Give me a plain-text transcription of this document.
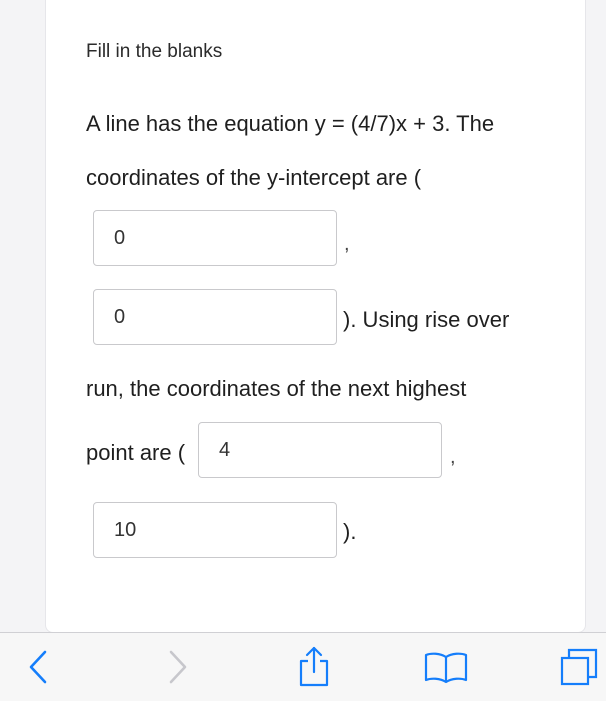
Fill in the blanks
A line has the equation y = (4/7)x + 3. The
coordinates of the y-intercept are (
0
,
0
). Using rise over
run, the coordinates of the next highest
point are (
4	,
10
).
